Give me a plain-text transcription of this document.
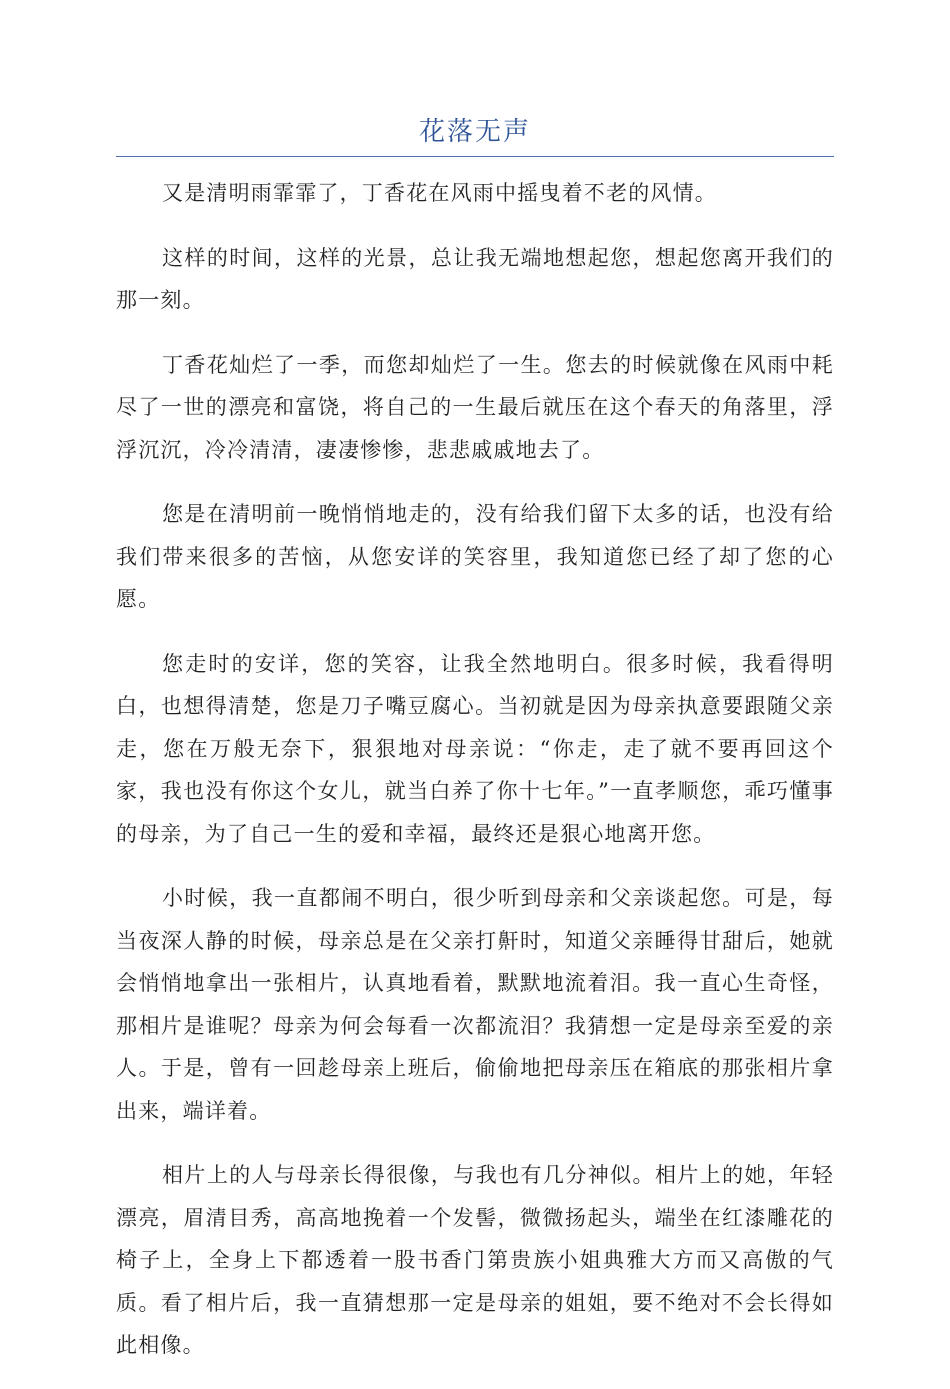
花落无声

又是清明雨霏霏了，丁香花在风雨中摇曳着不老的风情。

这样的时间，这样的光景，总让我无端地想起您，想起您离开我们的那一刻。

丁香花灿烂了一季，而您却灿烂了一生。您去的时候就像在风雨中耗尽了一世的漂亮和富饶，将自己的一生最后就压在这个春天的角落里，浮浮沉沉，冷冷清清，凄凄惨惨，悲悲戚戚地去了。

您是在清明前一晚悄悄地走的，没有给我们留下太多的话，也没有给我们带来很多的苦恼，从您安详的笑容里，我知道您已经了却了您的心愿。

您走时的安详，您的笑容，让我全然地明白。很多时候，我看得明白，也想得清楚，您是刀子嘴豆腐心。当初就是因为母亲执意要跟随父亲走，您在万般无奈下，狠狠地对母亲说：“你走，走了就不要再回这个家，我也没有你这个女儿，就当白养了你十七年。”一直孝顺您，乖巧懂事的母亲，为了自己一生的爱和幸福，最终还是狠心地离开您。

小时候，我一直都闹不明白，很少听到母亲和父亲谈起您。可是，每当夜深人静的时候，母亲总是在父亲打鼾时，知道父亲睡得甘甜后，她就会悄悄地拿出一张相片，认真地看着，默默地流着泪。我一直心生奇怪，那相片是谁呢？母亲为何会每看一次都流泪？我猜想一定是母亲至爱的亲人。于是，曾有一回趁母亲上班后，偷偷地把母亲压在箱底的那张相片拿出来，端详着。

相片上的人与母亲长得很像，与我也有几分神似。相片上的她，年轻漂亮，眉清目秀，高高地挽着一个发髻，微微扬起头，端坐在红漆雕花的椅子上，全身上下都透着一股书香门第贵族小姐典雅大方而又高傲的气质。看了相片后，我一直猜想那一定是母亲的姐姐，要不绝对不会长得如此相像。
